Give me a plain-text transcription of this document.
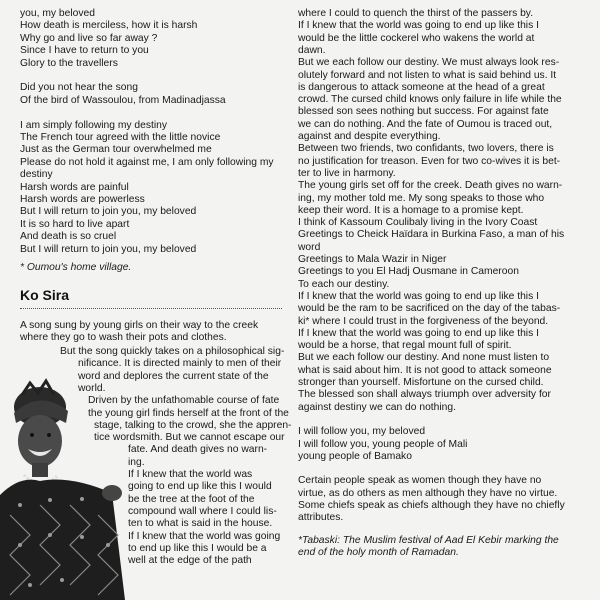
you, my beloved
How death is merciless, how it is harsh
Why go and live so far away ?
Since I have to return to you
Glory to the travellers
Did you not hear the song
Of the bird of Wassoulou, from Madinadjassa
I am simply following my destiny
The French tour agreed with the little novice
Just as the German tour overwhelmed me
Please do not hold it against me, I am only following my
destiny
Harsh words are painful
Harsh words are powerless
But I will return to join you, my beloved
It is so hard to live apart
And death is so cruel
But I will return to join you, my beloved
* Oumou's home village.
A song sung by young girls on their way to the creek
where they go to wash their pots and clothes.
But the song quickly takes on a philosophical sig-
nificance. It is directed mainly to men of their
word and deplores the current state of the
world.
Driven by the unfathomable course of fate
the young girl finds herself at the front of the
stage, talking to the crowd, she the appren-
tice wordsmith. But we cannot escape our
fate. And death gives no warn-
ing.
If I knew that the world was
going to end up like this I would
be the tree at the foot of the
compound wall where I could lis-
ten to what is said in the house.
If I knew that the world was going
to end up like this I would be a
well at the edge of the path
where I could to quench the thirst of the passers by.
If I knew that the world was going to end up like this I
would be the little cockerel who wakens the world at
dawn.
But we each follow our destiny. We must always look res-
olutely forward and not listen to what is said behind us. It
is dangerous to attack someone at the head of a great
crowd. The cursed child knows only failure in life while the
blessed son sees nothing but success. For against fate
we can do nothing. And the fate of Oumou is traced out,
against and despite everything.
Between two friends, two confidants, two lovers, there is
no justification for treason. Even for two co-wives it is bet-
ter to live in harmony.
The young girls set off for the creek. Death gives no warn-
ing, my mother told me. My song speaks to those who
keep their word. It is a homage to a promise kept.
I think of Kassoum Coulibaly living in the Ivory Coast
Greetings to Cheick Haïdara in Burkina Faso, a man of his
word
Greetings to Mala Wazir in Niger
Greetings to you El Hadj Ousmane in Cameroon
To each our destiny.
If I knew that the world was going to end up like this I
would be the ram to be sacrificed on the day of the tabas-
ki* where I could trust in the forgiveness of the beyond.
If I knew that the world was going to end up like this I
would be a horse, that regal mount full of spirit.
But we each follow our destiny. And none must listen to
what is said about him. It is not good to attack someone
stronger than yourself. Misfortune on the cursed child.
The blessed son shall always triumph over adversity for
against destiny we can do nothing.
I will follow you, my beloved
I will follow you, young people of Mali
young people of Bamako
Certain people speak as women though they have no
virtue, as do others as men although they have no virtue.
Some chiefs speak as chiefs although they have no chiefly
attributes.
*Tabaski: The Muslim festival of Aad El Kebir marking the
end of the holy month of Ramadan.
Ko Sira
